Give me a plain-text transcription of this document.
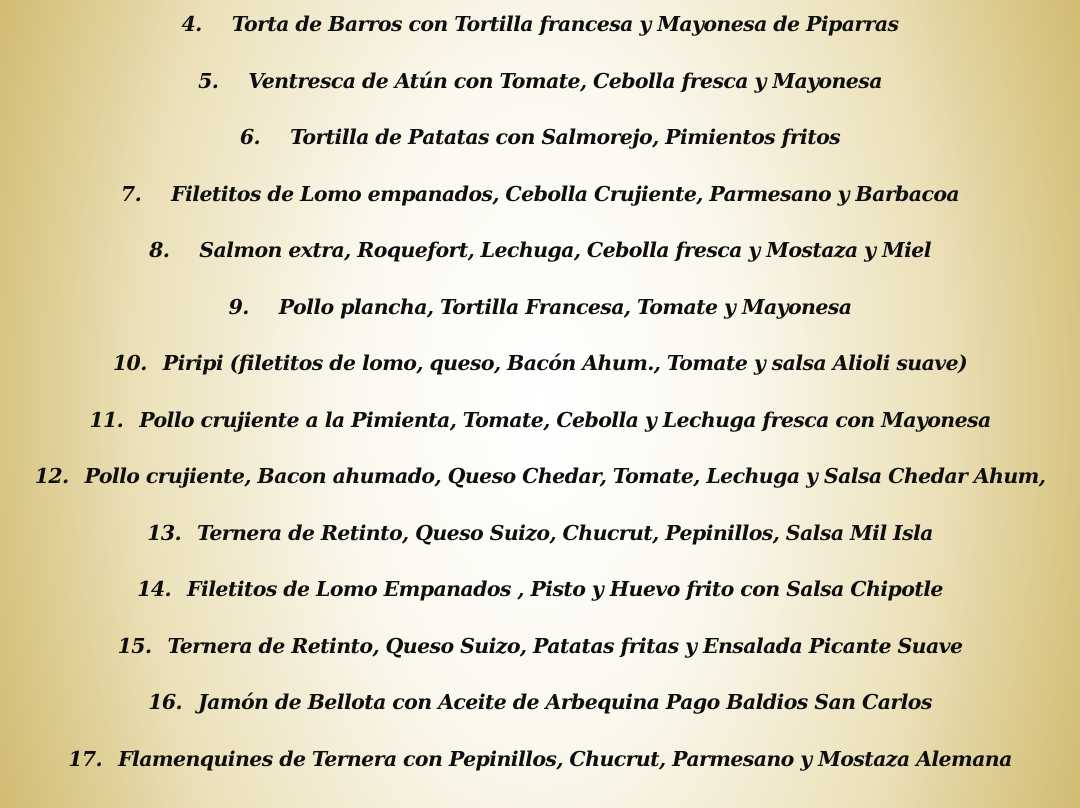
4. Torta de Barros con Tortilla francesa y Mayonesa de Piparras
5. Ventresca de Atún con Tomate, Cebolla fresca y Mayonesa
6. Tortilla de Patatas con Salmorejo, Pimientos fritos
7. Filetitos de Lomo empanados, Cebolla Crujiente, Parmesano y Barbacoa
8. Salmon extra, Roquefort, Lechuga, Cebolla fresca y Mostaza y Miel
9. Pollo plancha, Tortilla Francesa, Tomate y Mayonesa
10. Piripi (filetitos de lomo, queso, Bacón Ahum., Tomate y salsa Alioli suave)
11. Pollo crujiente a la Pimienta, Tomate, Cebolla y Lechuga fresca con Mayonesa
12. Pollo crujiente, Bacon ahumado, Queso Chedar, Tomate, Lechuga y Salsa Chedar Ahum,
13. Ternera de Retinto, Queso Suizo, Chucrut, Pepinillos, Salsa Mil Isla
14. Filetitos de Lomo Empanados , Pisto y Huevo frito con Salsa Chipotle
15. Ternera de Retinto, Queso Suizo, Patatas fritas y Ensalada Picante Suave
16. Jamón de Bellota con Aceite de Arbequina Pago Baldios San Carlos
17. Flamenquines de Ternera con Pepinillos, Chucrut, Parmesano y Mostaza Alemana
